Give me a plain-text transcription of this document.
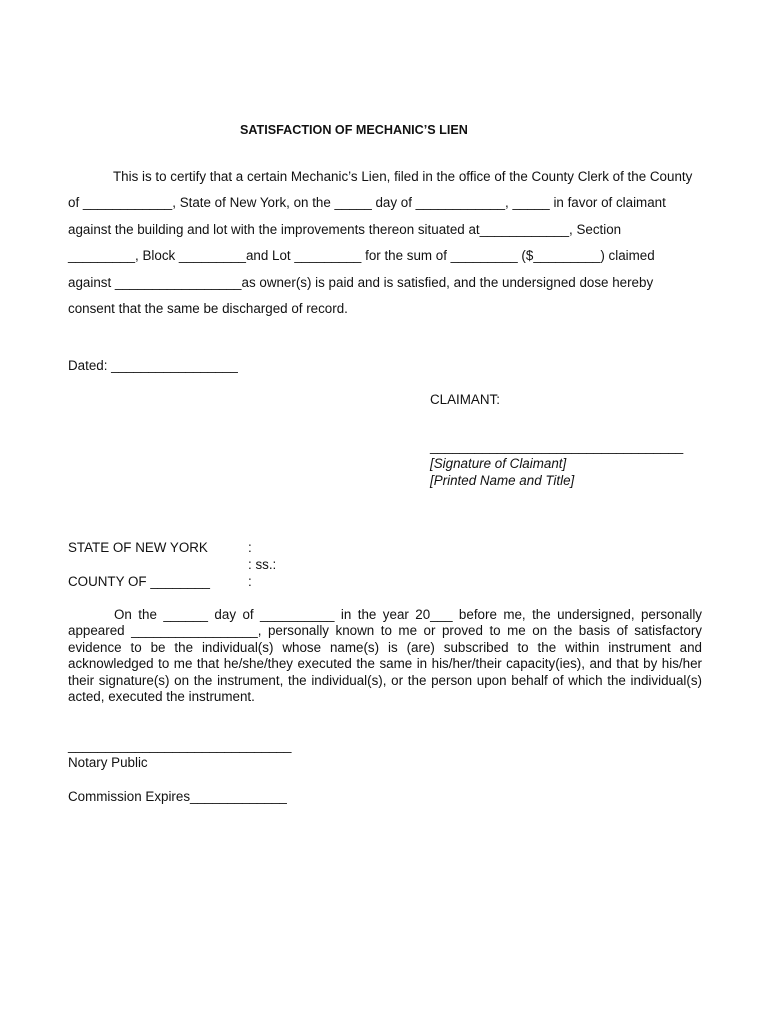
SATISFACTION OF MECHANIC’S LIEN
This is to certify that a certain Mechanic’s Lien, filed in the office of the County Clerk of the County
of ____________, State of New York, on the _____ day of ____________, _____ in favor of claimant
against the building and lot with the improvements thereon situated at____________, Section
_________, Block _________and Lot _________ for the sum of _________ ($_________) claimed
against _________________as owner(s) is paid and is satisfied, and the undersigned dose hereby
consent that the same be discharged of record.
Dated: _________________
CLAIMANT:
__________________________________
[Signature of Claimant]
[Printed Name and Title]
STATE OF NEW YORK	:
: ss.:
COUNTY OF ________	:
On the ______ day of __________ in the year 20___ before me, the undersigned, personally appeared _________________, personally known to me or proved to me on the basis of satisfactory evidence to be the individual(s) whose name(s) is (are) subscribed to the within instrument and acknowledged to me that he/she/they executed the same in his/her/their capacity(ies), and that by his/her their signature(s) on the instrument, the individual(s), or the person upon behalf of which the individual(s) acted, executed the instrument.
______________________________
Notary Public
Commission Expires_____________
